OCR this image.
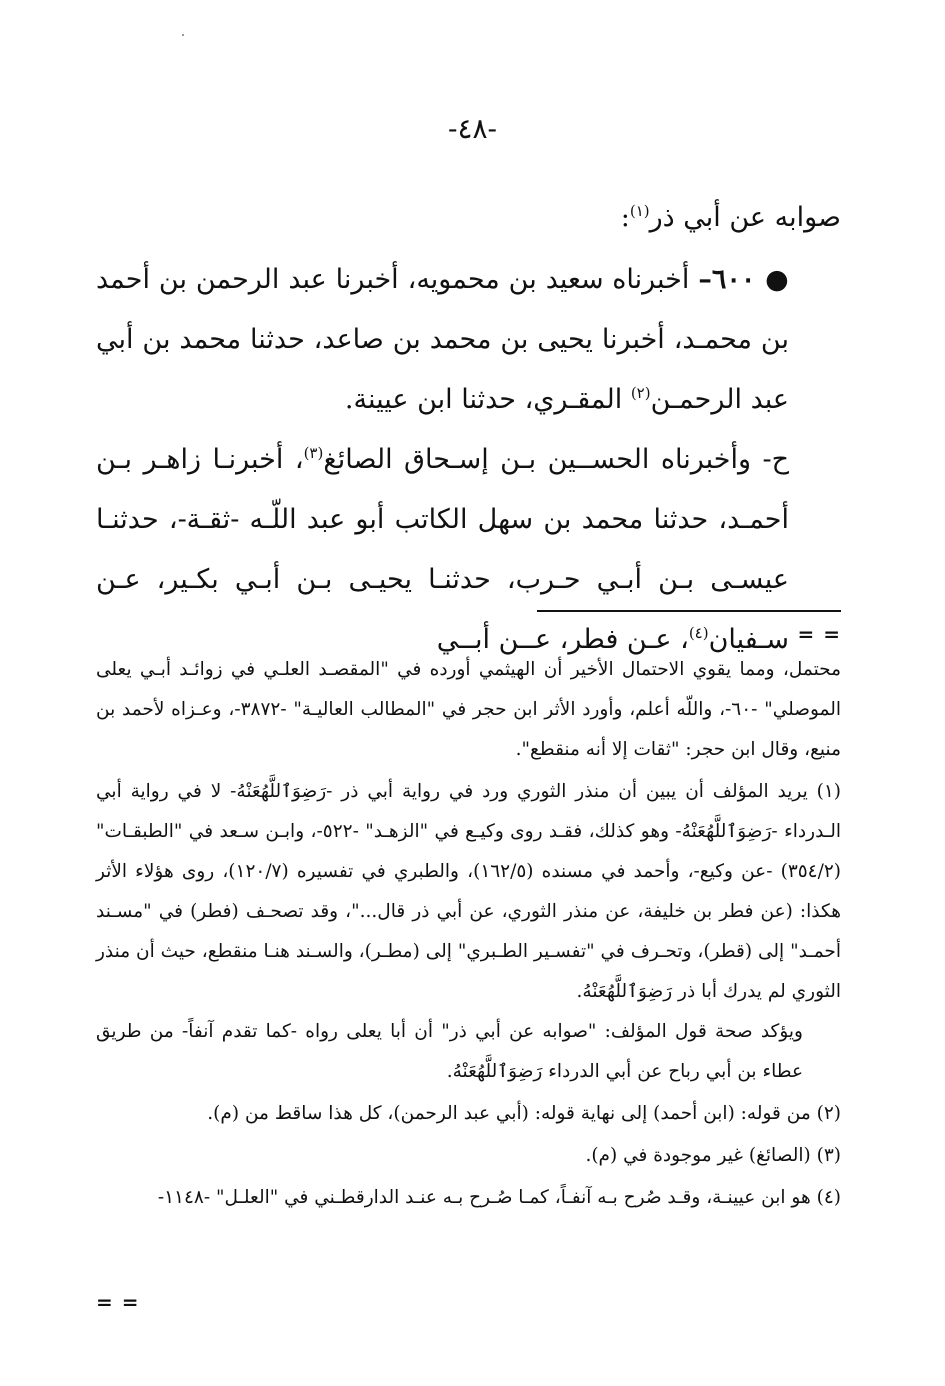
-٤٨-

صوابه عن أبي ذر$^{(١)}$:

● ٦٠٠– أخبرناه سعيد بن محمويه، أخبرنا عبد الرحمن بن أحمد بن محمـد، أخبرنا يحيى بن محمد بن صاعد، حدثنا محمد بن أبي عبد الرحمـن$^{(٢)}$ المقـري، حدثنا ابن عيينة.

ح- وأخبرناه الحســين بـن إسـحاق الصائغ$^{(٣)}$، أخبرنـا زاهـر بـن أحمـد، حدثنا محمد بن سهل الكاتب أبو عبد اللّـه -ثقـة-، حدثنـا عيسـى بـن أبـي حـرب، حدثنـا يحيـى بـن أبـي بكـير، عـن سـفيان$^{(٤)}$، عـن فطر، عــن أبــي	= =

محتمل، ومما يقوي الاحتمال الأخير أن الهيثمي أورده في "المقصـد العلـي في زوائـد أبـي يعلى الموصلي" -٦٠-، واللّه أعلم، وأورد الأثر ابن حجر في "المطالب العاليـة" -٣٨٧٢-، وعـزاه لأحمد بن منيع، وقال ابن حجر: "ثقات إلا أنه منقطع".

(١) يريد المؤلف أن يبين أن منذر الثوري ورد في رواية أبي ذر -رَضِوَٱللَّهُعَنْهُ- لا في رواية أبي الـدرداء -رَضِوَٱللَّهُعَنْهُ- وهو كذلك، فقـد روى وكيـع في "الزهـد" -٥٢٢-، وابـن سـعد في "الطبقـات" (٣٥٤/٢) -عن وكيع-، وأحمد في مسنده (١٦٢/٥)، والطبري في تفسيره (١٢٠/٧)، روى هؤلاء الأثر هكذا: (عن فطر بن خليفة، عن منذر الثوري، عن أبي ذر قال..."، وقد تصحـف (فطر) في "مسـند أحمـد" إلى (قطر)، وتحـرف في "تفسـير الطـبري" إلى (مطـر)، والسـند هنـا منقطع، حيث أن منذر الثوري لم يدرك أبا ذر رَضِوَٱللَّهُعَنْهُ.

ويؤكد صحة قول المؤلف: "صوابه عن أبي ذر" أن أبا يعلى رواه -كما تقدم آنفاً- من طريق عطاء بن أبي رباح عن أبي الدرداء رَضِوَٱللَّهُعَنْهُ.

(٢) من قوله: (ابن أحمد) إلى نهاية قوله: (أبي عبد الرحمن)، كل هذا ساقط من (م).

(٣) (الصائغ) غير موجودة في (م).

(٤) هو ابن عيينـة، وقـد صُرح بـه آنفـاً، كمـا صُـرح بـه عنـد الدارقطـني في "العلـل" -١١٤٨-

= =
